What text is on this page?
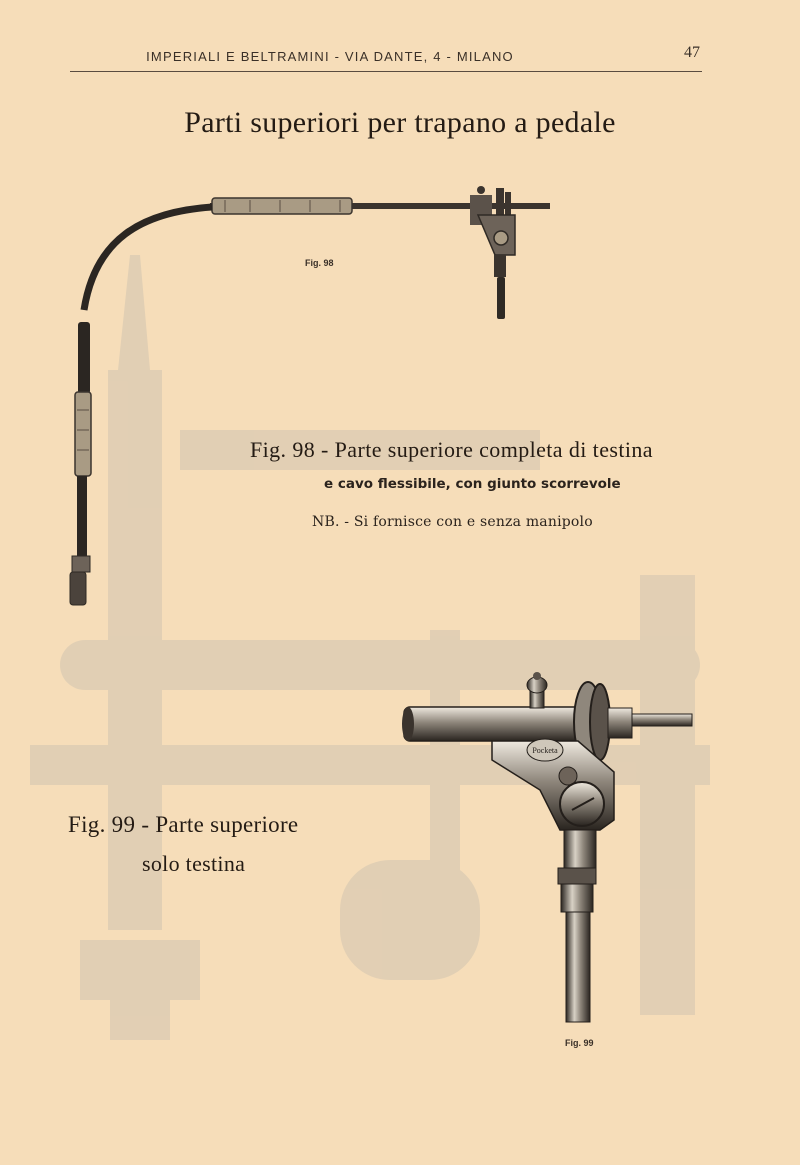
IMPERIALI E BELTRAMINI - VIA DANTE, 4 - MILANO	47
Parti superiori per trapano a pedale
Fig. 98
Fig. 98 - Parte superiore completa di testina
e cavo flessibile, con giunto scorrevole
NB. - Si fornisce con e senza manipolo
Pocketa
Fig. 99
Fig. 99 - Parte superiore
solo testina
